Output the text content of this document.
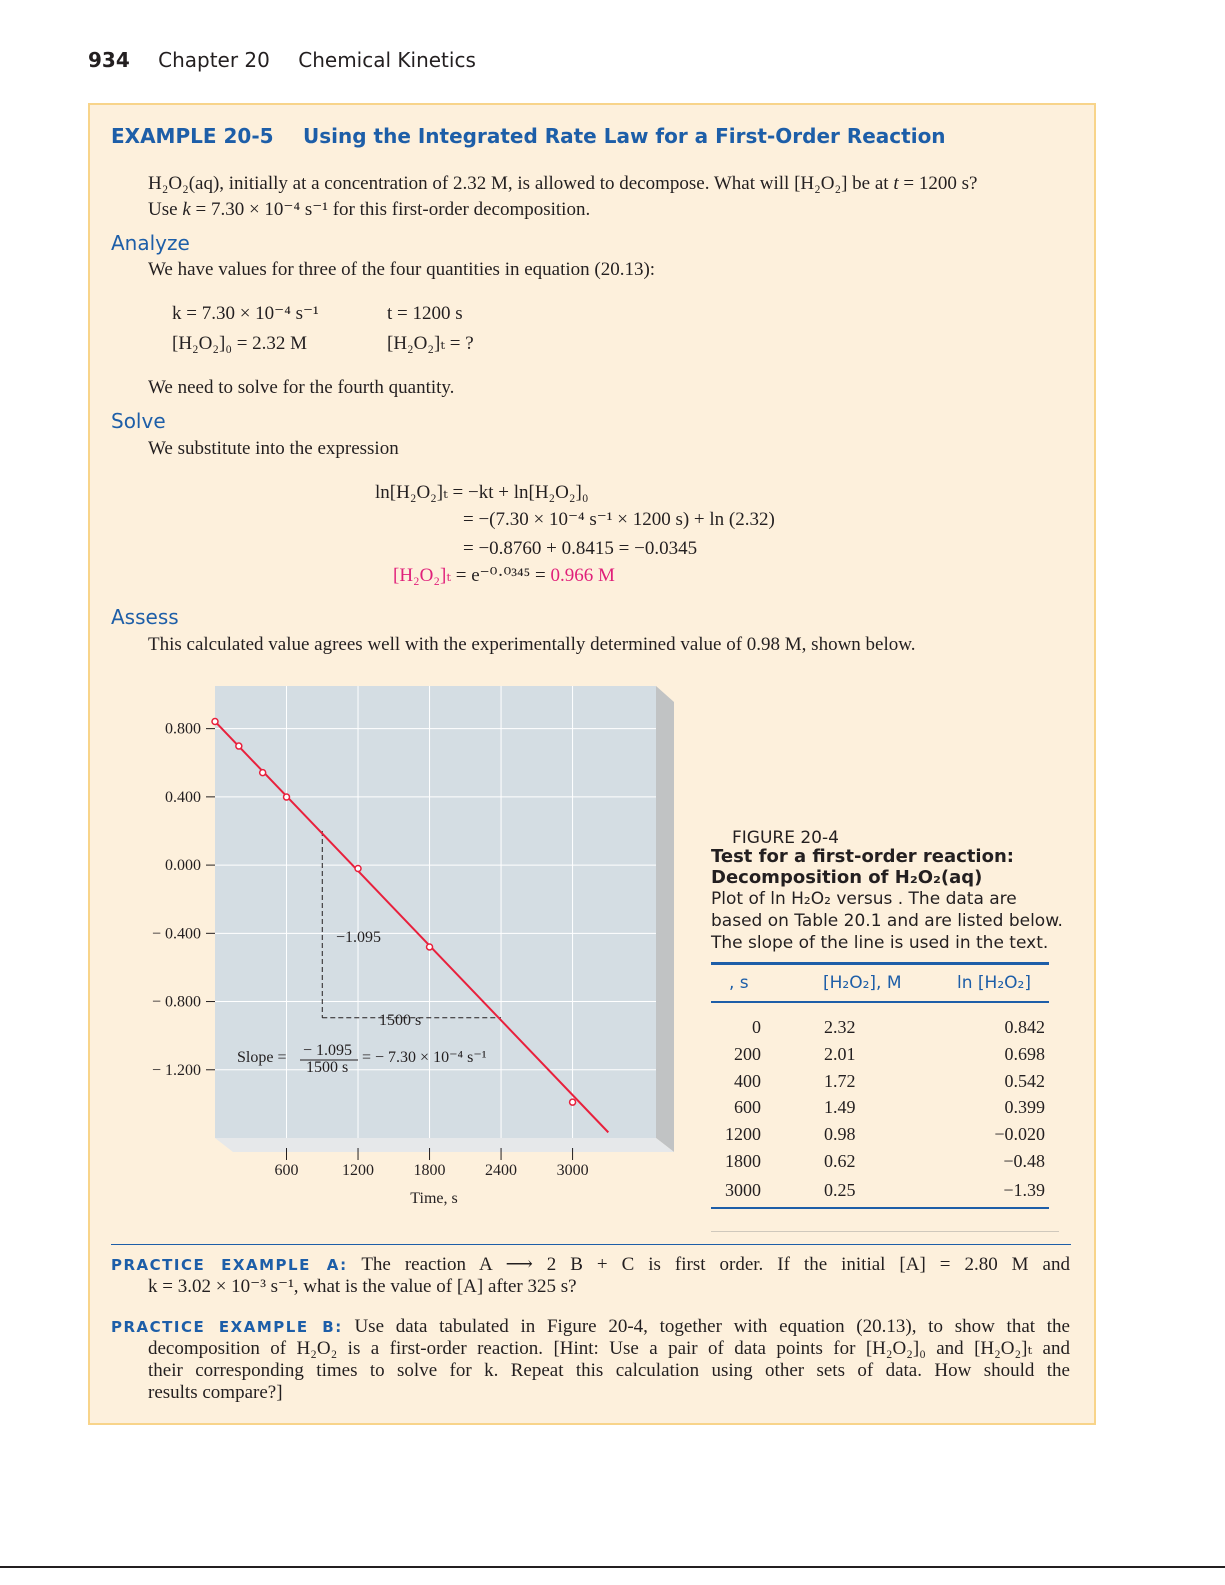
934 Chapter 20 Chemical Kinetics
EXAMPLE 20-5 Using the Integrated Rate Law for a First-Order Reaction
H₂O₂(aq), initially at a concentration of 2.32 M, is allowed to decompose. What will [H₂O₂] be at t = 1200 s?
Use k = 7.30 × 10⁻⁴ s⁻¹ for this first-order decomposition.
Analyze
We have values for three of the four quantities in equation (20.13):
k = 7.30 × 10⁻⁴ s⁻¹	t = 1200 s
[H₂O₂]₀ = 2.32 M	[H₂O₂]ₜ = ?
We need to solve for the fourth quantity.
Solve
We substitute into the expression
ln[H₂O₂]ₜ = −kt + ln[H₂O₂]₀
= −(7.30 × 10⁻⁴ s⁻¹ × 1200 s) + ln (2.32)
= −0.8760 + 0.8415 = −0.0345
[H₂O₂]ₜ = e⁻⁰·⁰³⁴⁵ = 0.966 M
Assess
This calculated value agrees well with the experimentally determined value of 0.98 M, shown below.
0.800
0.400
0.000
− 0.400
− 0.800
− 1.200
600	1200 1800 2400 3000
Time, s
−1.095
1500 s
Slope = − 1.095
1500 s
= − 7.30 × 10⁻⁴ s⁻¹
FIGURE 20-4
Test for a first-order reaction:
Decomposition of H₂O₂(aq)
Plot of ln H₂O₂ versus . The data are
based on Table 20.1 and are listed below.
The slope of the line is used in the text.
, s	[H₂O₂], M	ln [H₂O₂]
0	2.32	0.842
200	2.01	0.698
400	1.72	0.542
600	1.49	0.399
1200	0.98	−0.020
1800	0.62	−0.48
3000	0.25	−1.39
PRACTICE EXAMPLE A: The reaction A ⟶ 2 B + C is first order. If the initial [A] = 2.80 M and
k = 3.02 × 10⁻³ s⁻¹, what is the value of [A] after 325 s?
PRACTICE EXAMPLE B: Use data tabulated in Figure 20-4, together with equation (20.13), to show that the
decomposition of H₂O₂ is a first-order reaction. [Hint: Use a pair of data points for [H₂O₂]₀ and [H₂O₂]ₜ and
their corresponding times to solve for k. Repeat this calculation using other sets of data. How should the
results compare?]
